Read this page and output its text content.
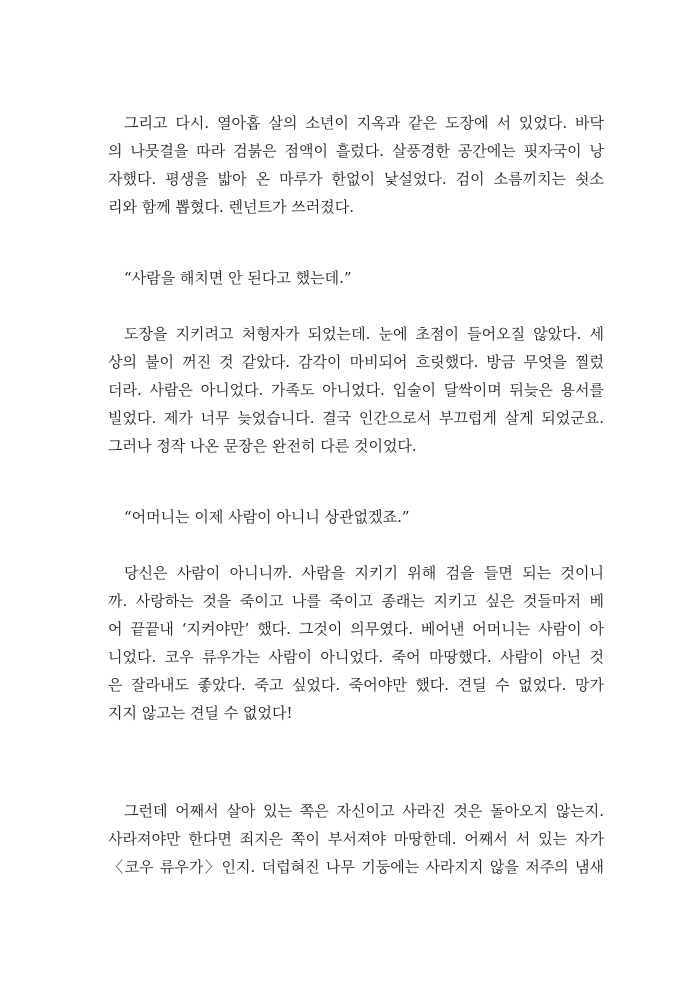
그리고 다시. 열아홉 살의 소년이 지옥과 같은 도장에 서 있었다. 바닥
의 나뭇결을 따라 검붉은 점액이 흘렀다. 살풍경한 공간에는 핏자국이 낭
자했다. 평생을 밟아 온 마루가 한없이 낯설었다. 검이 소름끼치는 쇳소
리와 함께 뽑혔다. 렌넌트가 쓰러졌다.
“사람을 해치면 안 된다고 했는데.”
도장을 지키려고 처형자가 되었는데. 눈에 초점이 들어오질 않았다. 세
상의 불이 꺼진 것 같았다. 감각이 마비되어 흐릿했다. 방금 무엇을 찔렀
더라. 사람은 아니었다. 가족도 아니었다. 입술이 달싹이며 뒤늦은 용서를
빌었다. 제가 너무 늦었습니다. 결국 인간으로서 부끄럽게 살게 되었군요.
그러나 정작 나온 문장은 완전히 다른 것이었다.
“어머니는 이제 사람이 아니니 상관없겠죠.”
당신은 사람이 아니니까. 사람을 지키기 위해 검을 들면 되는 것이니
까. 사랑하는 것을 죽이고 나를 죽이고 종래는 지키고 싶은 것들마저 베
어 끝끝내 ‘지켜야만’ 했다. 그것이 의무였다. 베어낸 어머니는 사람이 아
니었다. 코우 류우가는 사람이 아니었다. 죽어 마땅했다. 사람이 아닌 것
은 잘라내도 좋았다. 죽고 싶었다. 죽어야만 했다. 견딜 수 없었다. 망가
지지 않고는 견딜 수 없었다!
그런데 어째서 살아 있는 쪽은 자신이고 사라진 것은 돌아오지 않는지.
사라져야만 한다면 죄지은 쪽이 부서져야 마땅한데. 어째서 서 있는 자가
〈코우 류우가〉인지. 더럽혀진 나무 기둥에는 사라지지 않을 저주의 냄새
